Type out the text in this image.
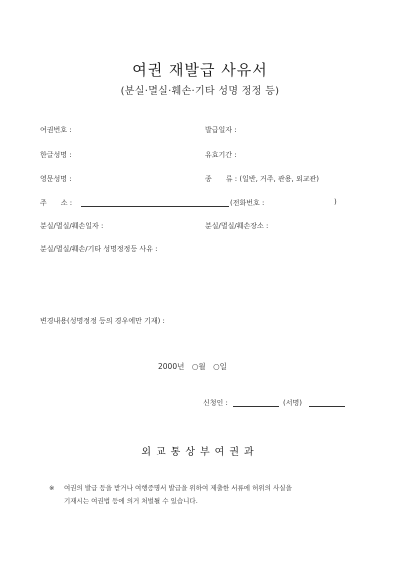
여권 재발급 사유서
(분실·멸실·훼손·기타 성명 정정 등)
여권번호 :	발급일자 :
한글성명 :	유효기간 :
영문성명 :	종　　류 : (일반, 거주, 관용, 외교관)
주　　소 :	(전화번호 :	)
분실/멸실/훼손일자 :	분실/멸실/훼손장소 :
분실/멸실/훼손/기타 성명정정등 사유 :
변경내용(성명정정 등의 경우에만 기재) :
2000년　○월　○일
신청인 :	(서명)
외교통상부여권과
※ 여권의 발급 등을 받거나 여행증명서 발급을 위하여 제출한 서류에 허위의 사실을
기재시는 여권법 등에 의거 처벌될 수 있습니다.
